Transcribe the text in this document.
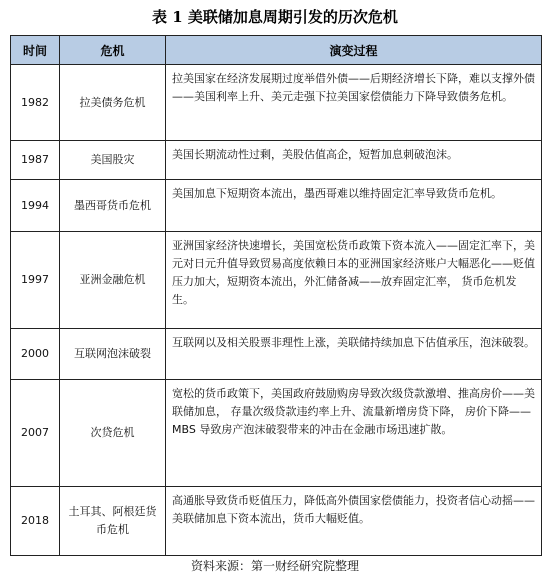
表 1 美联储加息周期引发的历次危机
时间	危机	演变过程
1982	拉美债务危机	拉美国家在经济发展期过度举借外债——后期经济增长下降，难以支撑外债——美国利率上升、美元走强下拉美国家偿债能力下降导致债务危机。
1987	美国股灾	美国长期流动性过剩，美股估值高企，短暂加息刺破泡沫。
1994	墨西哥货币危机	美国加息下短期资本流出，墨西哥难以维持固定汇率导致货币危机。
1997	亚洲金融危机	亚洲国家经济快速增长，美国宽松货币政策下资本流入——固定汇率下，美元对日元升值导致贸易高度依赖日本的亚洲国家经济账户大幅恶化——贬值压力加大，短期资本流出，外汇储备减——放弃固定汇率， 货币危机发生。
2000	互联网泡沫破裂	互联网以及相关股票非理性上涨，美联储持续加息下估值承压，泡沫破裂。
2007	次贷危机	宽松的货币政策下，美国政府鼓励购房导致次级贷款激增、推高房价——美联储加息， 存量次级贷款违约率上升、流量新增房贷下降， 房价下降——MBS 导致房产泡沫破裂带来的冲击在金融市场迅速扩散。
2018	土耳其、阿根廷货币危机	高通胀导致货币贬值压力，降低高外债国家偿债能力，投资者信心动摇——美联储加息下资本流出，货币大幅贬值。
资料来源：第一财经研究院整理
